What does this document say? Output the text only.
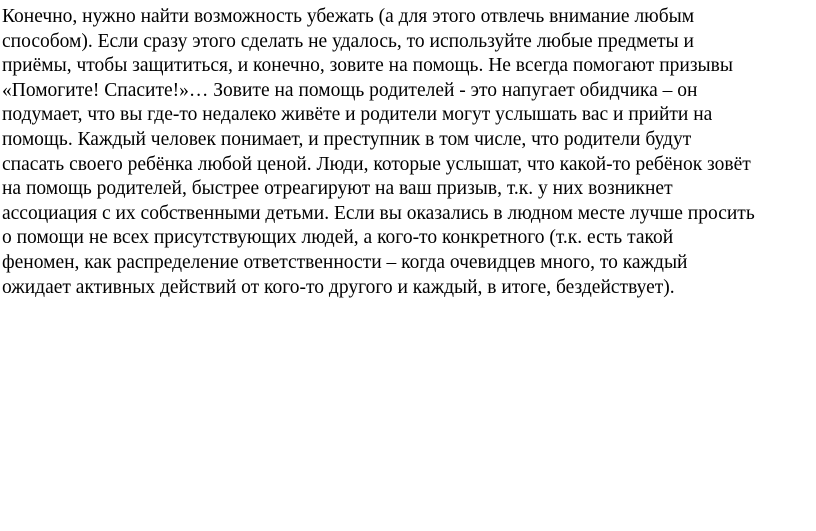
Конечно, нужно найти возможность убежать (а для этого отвлечь внимание любым
способом). Если сразу этого сделать не удалось, то используйте любые предметы и
приёмы, чтобы защититься, и конечно, зовите на помощь. Не всегда помогают призывы
«Помогите! Спасите!»… Зовите на помощь родителей - это напугает обидчика – он
подумает, что вы где-то недалеко живёте и родители могут услышать вас и прийти на
помощь. Каждый человек понимает, и преступник в том числе, что родители будут
спасать своего ребёнка любой ценой. Люди, которые услышат, что какой-то ребёнок зовёт
на помощь родителей, быстрее отреагируют на ваш призыв, т.к. у них возникнет
ассоциация с их собственными детьми. Если вы оказались в людном месте лучше просить
о помощи не всех присутствующих людей, а кого-то конкретного (т.к. есть такой
феномен, как распределение ответственности – когда очевидцев много, то каждый
ожидает активных действий от кого-то другого и каждый, в итоге, бездействует).
